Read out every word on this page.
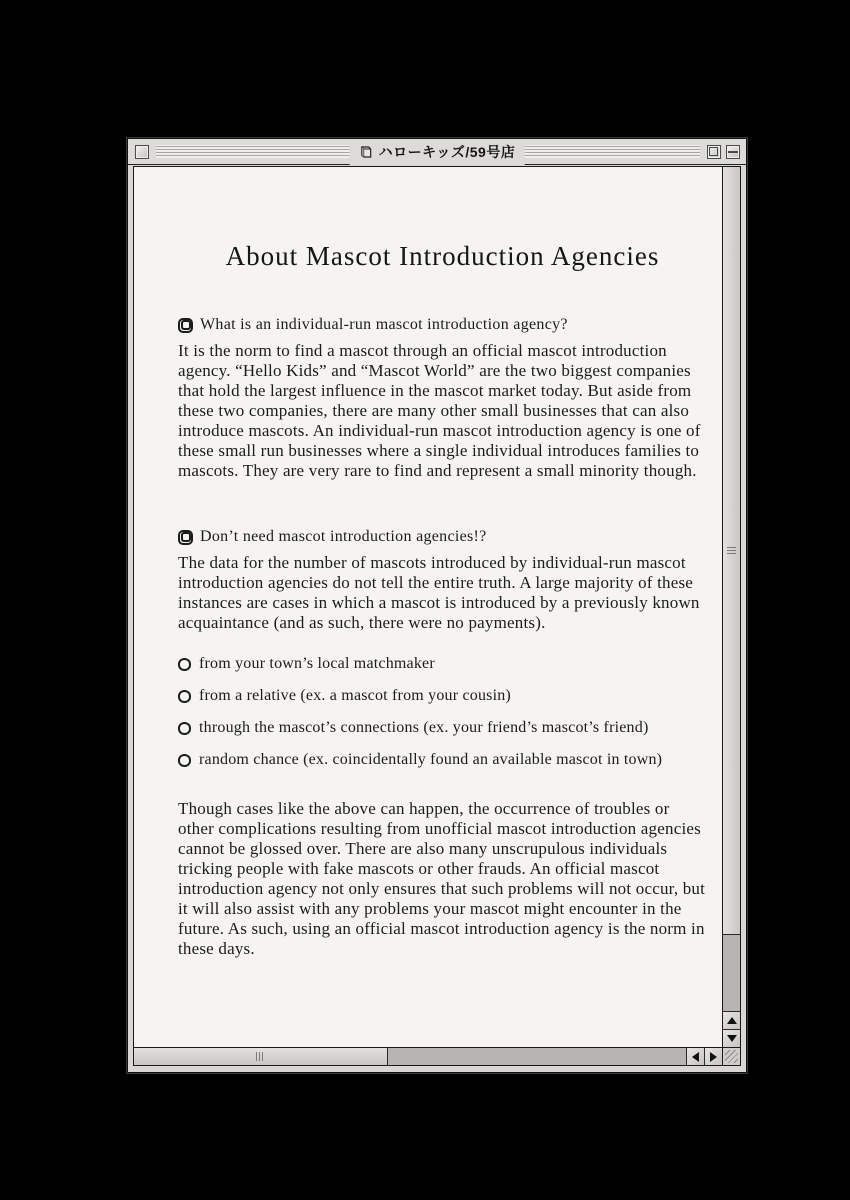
ハローキッズ/59号店
About Mascot Introduction Agencies
What is an individual-run mascot introduction agency?

It is the norm to find a mascot through an official mascot introduction agency. “Hello Kids” and “Mascot World” are the two biggest companies that hold the largest influence in the mascot market today. But aside from these two companies, there are many other small businesses that can also introduce mascots. An individual-run mascot introduction agency is one of these small run businesses where a single individual introduces families to mascots. They are very rare to find and represent a small minority though.

Don’t need mascot introduction agencies!?

The data for the number of mascots introduced by individual-run mascot introduction agencies do not tell the entire truth. A large majority of these instances are cases in which a mascot is introduced by a previously known acquaintance (and as such, there were no payments).

from your town’s local matchmaker
from a relative (ex. a mascot from your cousin)
through the mascot’s connections (ex. your friend’s mascot’s friend)
random chance (ex. coincidentally found an available mascot in town)

Though cases like the above can happen, the occurrence of troubles or other complications resulting from unofficial mascot introduction agencies cannot be glossed over. There are also many unscrupulous individuals tricking people with fake mascots or other frauds. An official mascot introduction agency not only ensures that such problems will not occur, but it will also assist with any problems your mascot might encounter in the future. As such, using an official mascot introduction agency is the norm in these days.
